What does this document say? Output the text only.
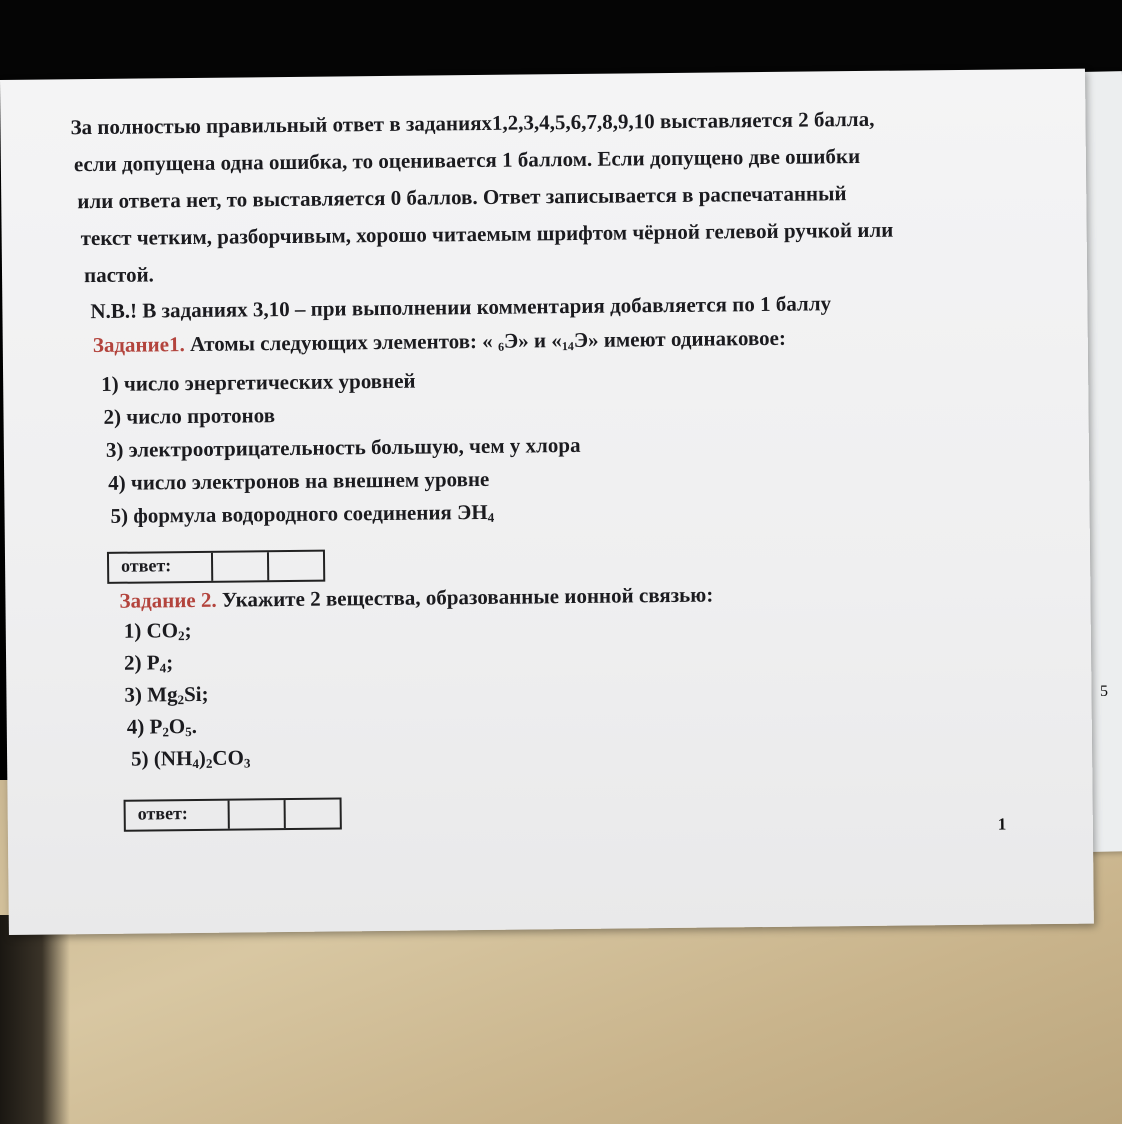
5

За полностью правильный ответ в заданиях1,2,3,4,5,6,7,8,9,10 выставляется 2 балла,

если допущена одна ошибка, то оценивается 1 баллом. Если допущено две ошибки

или ответа нет, то выставляется 0 баллов. Ответ записывается в распечатанный

текст четким, разборчивым, хорошо читаемым шрифтом чёрной гелевой ручкой или

пастой.

N.B.! В заданиях 3,10 – при выполнении комментария добавляется по 1 баллу

Задание1. Атомы следующих элементов: « 6Э» и «14Э» имеют одинаковое:

1) число энергетических уровней
2) число протонов
3) электроотрицательность большую, чем у хлора
4) число электронов на внешнем уровне
5) формула водородного соединения $ЭН_4$
ответ:

Задание 2. Укажите 2 вещества, образованные ионной связью:

1) $CO_2$;
2) $P_4$;
3) $Mg_2Si$;
4) $P_2O_5$.
5) $(NH_4)_2CO_3$
ответ:
1
